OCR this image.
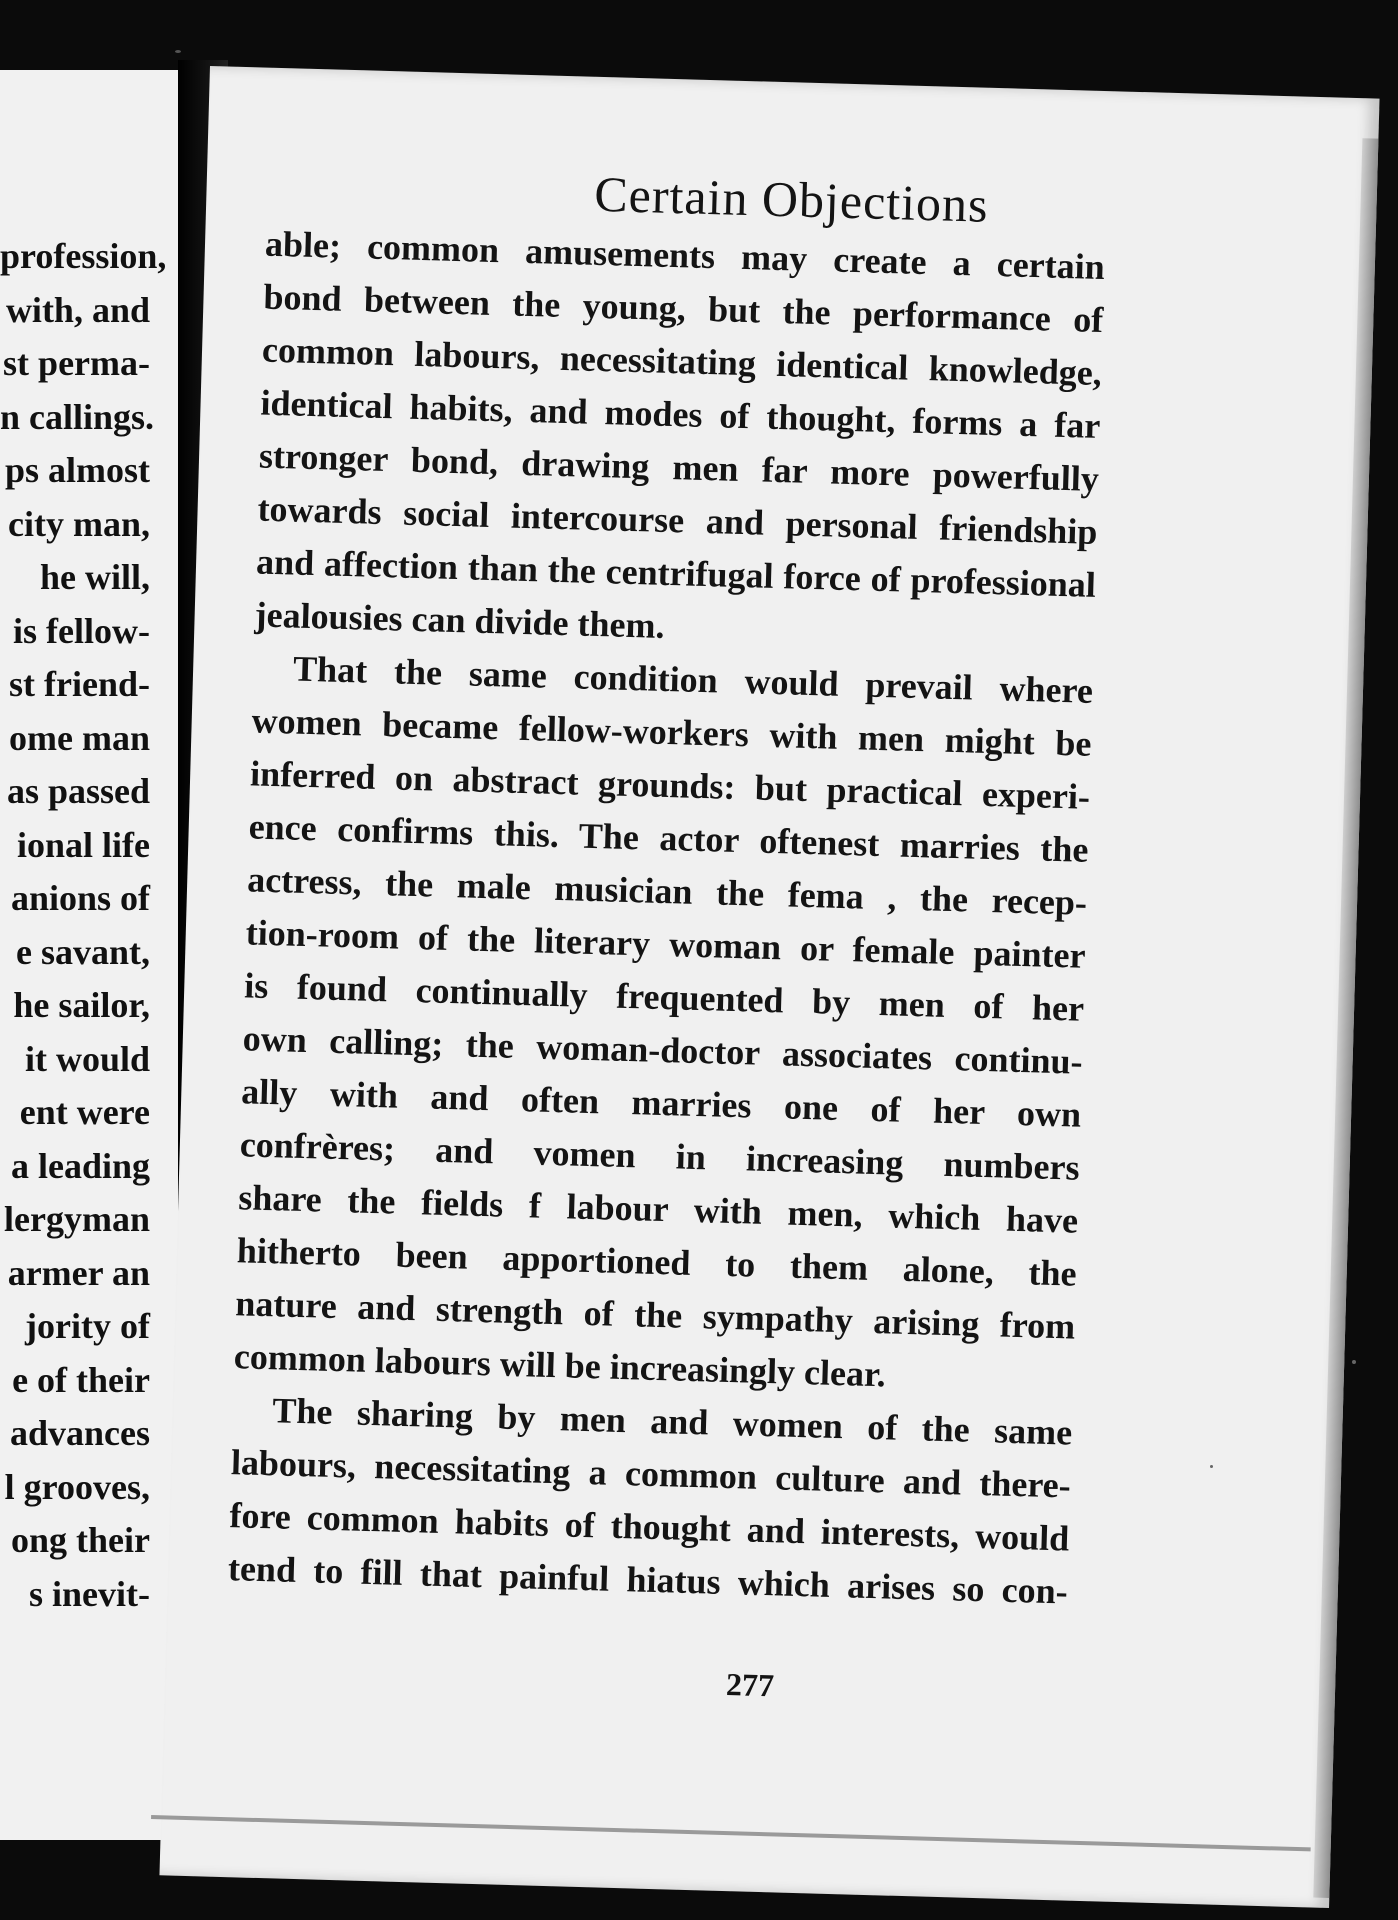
profession,
with, and
st perma-
n callings.
ps almost
city man,
he will,
is fellow-
st friend-
ome man
as passed
ional life
anions of
e savant,
he sailor,
it would
ent were
a leading
lergyman
armer an
jority of
e of their
advances
l grooves,
ong their
s inevit-
Certain Objections
able; common amusements may create a certain
bond between the young, but the performance of
common labours, necessitating identical knowledge,
identical habits, and modes of thought, forms a far
stronger bond, drawing men far more powerfully
towards social intercourse and personal friendship
and affection than the centrifugal force of professional
jealousies can divide them.
That the same condition would prevail where
women became fellow-workers with men might be
inferred on abstract grounds: but practical experi-
ence confirms this. The actor oftenest marries the
actress, the male musician the fema , the recep-
tion-room of the literary woman or female painter
is found continually frequented by men of her
own calling; the woman-doctor associates continu-
ally with and often marries one of her own
confrères; and vomen in increasing numbers
share the fields f labour with men, which have
hitherto been apportioned to them alone, the
nature and strength of the sympathy arising from
common labours will be increasingly clear.
The sharing by men and women of the same
labours, necessitating a common culture and there-
fore common habits of thought and interests, would
tend to fill that painful hiatus which arises so con-
277
